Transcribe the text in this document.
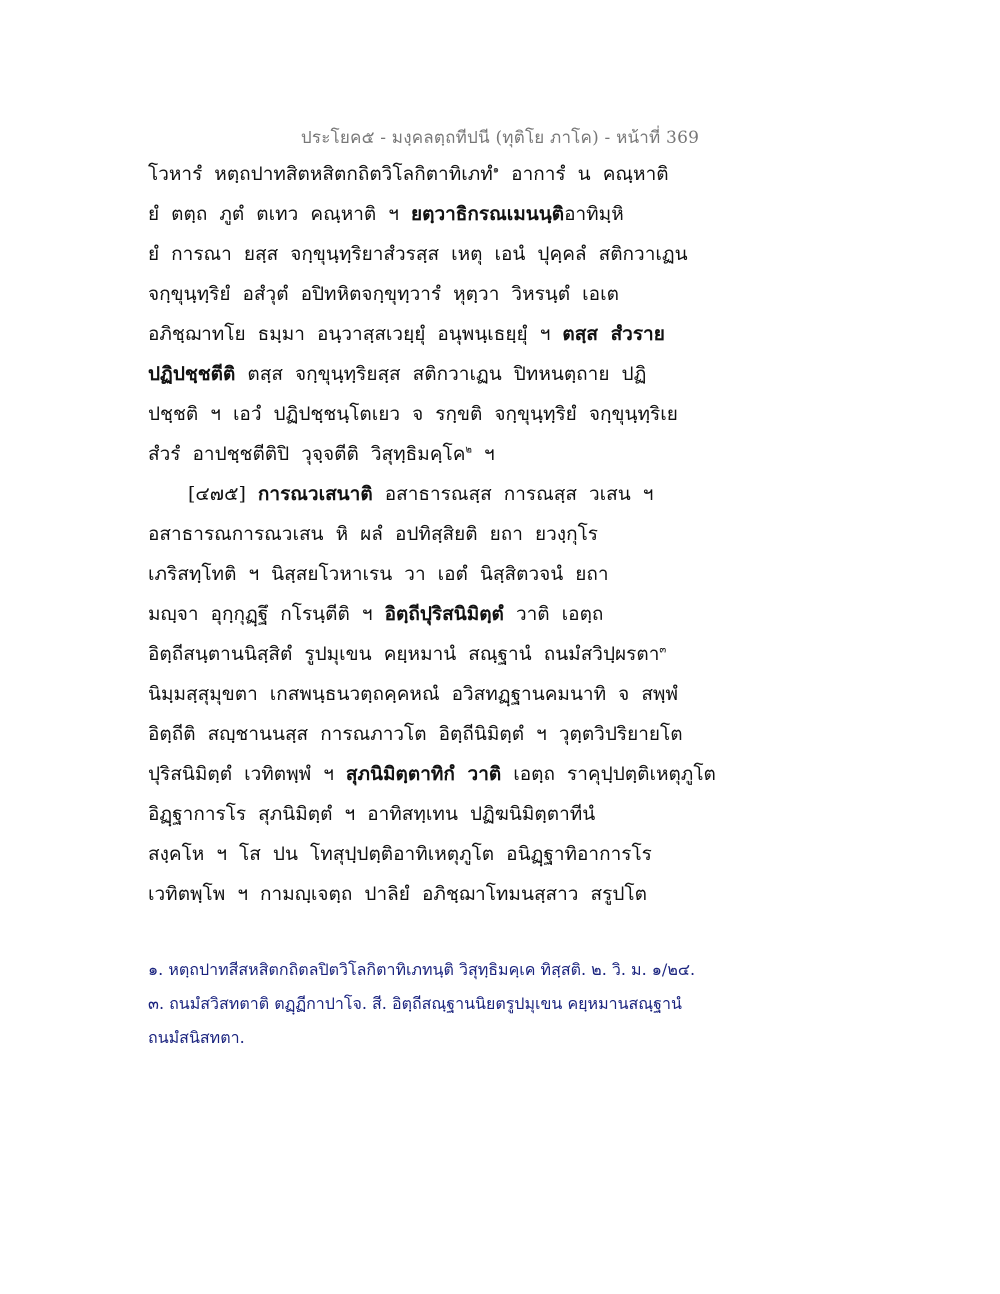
ประโยค๕ - มงฺคลตฺถทีปนี (ทุติโย ภาโค) - หน้าที่ 369
โวหารํ หตฺถปาทสิตหสิตกถิตวิโลกิตาทิเภทํ$^๑$ อาการํ น คณฺหาติ
ยํ ตตฺถ ภูตํ ตเทว คณฺหาติ ฯ ยตฺวาธิกรณเมนนฺติอาทิมฺหิ
ยํ การณา ยสฺส จกฺขุนฺทฺริยาสํวรสฺส เหตุ เอนํ ปุคฺคลํ สติกวาเฏน
จกฺขุนฺทฺริยํ อสํวุตํ อปิทหิตจกฺขุทฺวารํ หุตฺวา วิหรนฺตํ เอเต
อภิชฺฌาทโย ธมฺมา อนฺวาสฺสเวยฺยุํ อนุพนฺเธยฺยุํ ฯ ตสฺส สํวราย
ปฏิปชฺชตีติ ตสฺส จกฺขุนฺทฺริยสฺส สติกวาเฏน ปิทหนตฺถาย ปฏิ
ปชฺชติ ฯ เอวํ ปฏิปชฺชนฺโตเยว จ รกฺขติ จกฺขุนฺทฺริยํ จกฺขุนฺทฺริเย
สํวรํ อาปชฺชตีติปิ วุจฺจตีติ วิสุทฺธิมคฺโค$^๒$ ฯ
[๔๗๕] การณวเสนาติ อสาธารณสฺส การณสฺส วเสน ฯ
อสาธารณการณวเสน หิ ผลํ อปทิสฺสิยติ ยถา ยวงฺกุโร
เภริสทฺโทติ ฯ นิสฺสยโวหาเรน วา เอตํ นิสฺสิตวจนํ ยถา
มญฺจา อุกฺกุฏฺฐึ กโรนฺตีติ ฯ อิตฺถีปุริสนิมิตฺตํ วาติ เอตฺถ
อิตฺถีสนฺตานนิสฺสิตํ รูปมุเขน คยฺหมานํ สณฺฐานํ ถนมํสวิปฺผรตา$^๓$
นิมฺมสฺสุมุขตา เกสพนฺธนวตฺถคฺคหณํ อวิสทฏฺฐานคมนาทิ จ สพฺพํ
อิตฺถีติ สญฺชานนสฺส การณภาวโต อิตฺถีนิมิตฺตํ ฯ วุตฺตวิปริยายโต
ปุริสนิมิตฺตํ เวทิตพฺพํ ฯ สุภนิมิตฺตาทิกํ วาติ เอตฺถ ราคุปฺปตฺติเหตุภูโต
อิฏฺฐาการโร สุภนิมิตฺตํ ฯ อาทิสทฺเทน ปฏิฆนิมิตฺตาทีนํ
สงฺคโห ฯ โส ปน โทสุปฺปตฺติอาทิเหตุภูโต อนิฏฺฐาทิอาการโร
เวทิตพฺโพ ฯ กามญฺเจตฺถ ปาลิยํ อภิชฺฌาโทมนสฺสาว สรูปโต
๑. หตฺถปาทสีสหสิตกถิตลปิตวิโลกิตาทิเภทนฺติ วิสุทฺธิมคฺเค ทิสฺสติ. ๒. วิ. ม. ๑/๒๔.
๓. ถนมํสวิสทตาติ ตฏฺฏีกาปาโจ. สี. อิตฺถีสณฺฐานนิยตรูปมุเขน คยฺหมานสณฺฐานํ
ถนมํสนิสทตา.
